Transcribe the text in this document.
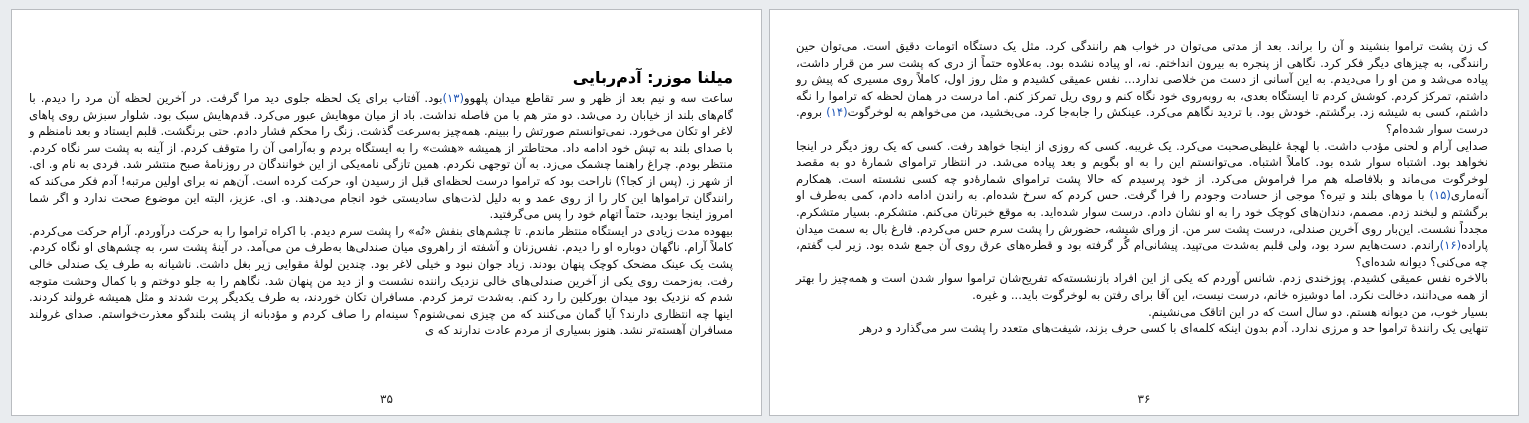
میلنا موزر: آدم‌ربایی

ساعت سه و نیم بعد از ظهر و سر تقاطع میدان پلهوو(۱۳)بود. آفتاب برای یک لحظه جلوی دید مرا گرفت. در آخرین لحظه آن مرد را دیدم. با گام‌های بلند از خیابان رد می‌شد. دو متر هم با من فاصله نداشت. باد از میان موهایش عبور می‌کرد. قدم‌هایش سبک بود. شلوار سبزش روی پاهای لاغر او تکان می‌خورد. نمی‌توانستم صورتش را ببینم. همه‌چیز به‌سرعت گذشت. زنگ را محکم فشار دادم. حتی برنگشت. قلبم ایستاد و بعد نامنظم و با صدای بلند به تپش خود ادامه داد. محتاطتر از همیشه «هشت» را به ایستگاه بردم و به‌آرامی آن را متوقف کردم. از آینه به پشت سر نگاه کردم. منتظر بودم. چراغ راهنما چشمک می‌زد. به آن توجهی نکردم. همین تازگی نامه‌یکی از این خوانندگان در روزنامهٔ صبح منتشر شد. فردی به نام و. ای. از شهر ز. (پس از کجا؟) ناراحت بود که تراموا درست لحظه‌ای قبل از رسیدن او، حرکت کرده است. آن‌هم نه برای اولین مرتبه! آدم فکر می‌کند که رانندگان تراموا‌ها این کار را از روی عمد و به دلیل لذت‌های سادیستی خود انجام می‌دهند. و. ای. عزیز، البته این موضوع صحت ندارد و اگر شما امروز اینجا بودید، حتماً اتهام خود را پس می‌گرفتید.

بیهوده مدت زیادی در ایستگاه منتظر ماندم. تا چشم‌های بنفش «نُه» را پشت سرم دیدم. با اکراه تراموا را به حرکت درآوردم. آرام حرکت می‌کردم. کاملاً آرام. ناگهان دوباره او را دیدم. نفس‌زنان و آشفته از راهروی میان صندلی‌ها به‌طرف من می‌آمد. در آینهٔ پشت سر، به چشم‌های او نگاه کردم. پشت یک عینک مضحک کوچک پنهان بودند. زیاد جوان نبود و خیلی لاغر بود. چندین لولهٔ مقوایی زیر بغل داشت. ناشیانه به طرف یک صندلی خالی رفت. به‌زحمت روی یکی از آخرین صندلی‌های خالی نزدیک راننده نشست و از دید من پنهان شد. نگاهم را به جلو دوختم و با کمال وحشت متوجه شدم که نزدیک بود میدان بورکلین را رد کنم. به‌شدت ترمز کردم. مسافران تکان خوردند، به طرف یکدیگر پرت شدند و مثل همیشه غرولند کردند. اینها چه انتظاری دارند؟ آیا گمان می‌کنند که من چیزی نمی‌شنوم؟ سینه‌ام را صاف کردم و مؤدبانه از پشت بلندگو معذرت‌خواستم. صدای غرولند مسافران آهسته‌تر نشد. هنوز بسیاری از مردم عادت ندارند که ی

۳۵

ک زن پشت تراموا بنشیند و آن را براند. بعد از مدتی می‌توان در خواب هم رانندگی کرد. مثل یک دستگاه اتومات دقیق است. می‌توان حین رانندگی، به چیزهای دیگر فکر کرد. نگاهی از پنجره به بیرون انداختم. نه، او پیاده نشده بود. به‌علاوه حتماً از دری که پشت سر من قرار داشت، پیاده می‌شد و من او را می‌دیدم. به این آسانی از دست من خلاصی ندارد... نفس عمیقی کشیدم و مثل روز اول، کاملاً روی مسیری که پیش رو داشتم، تمرکز کردم. کوشش کردم تا ایستگاه بعدی، به روبه‌روی خود نگاه کنم و روی ریل تمرکز کنم. اما درست در همان لحظه که تراموا را نگه داشتم، کسی به شیشه زد. برگشتم. خودش بود. با تردید نگاهم می‌کرد. عینکش را جابه‌جا کرد. می‌بخشید، من می‌خواهم به لوخرگوت(۱۴) بروم. درست سوار شده‌ام؟

صدایی آرام و لحنی مؤدب داشت. با لهجهٔ غلیظی‌صحبت می‌کرد. یک غریبه. کسی که روزی از اینجا خواهد رفت. کسی که یک روز دیگر در اینجا نخواهد بود. اشتباه سوار شده بود. کاملاً اشتباه. می‌توانستم این را به او بگویم و بعد پیاده می‌شد. در انتظار تراموای شمارهٔ دو به مقصد لوخرگوت می‌ماند و بلافاصله هم مرا فراموش می‌کرد. از خود پرسیدم که حالا پشت تراموای شماره‌ٔدو چه کسی نشسته است. همکارم آنه‌ماری(۱۵) با موهای بلند و تیره؟ موجی از حسادت وجودم را فرا گرفت. حس کردم که سرخ شده‌ام. به راندن ادامه دادم، کمی به‌طرف او برگشتم و لبخند زدم. مصمم، دندان‌های کوچک خود را به او نشان دادم. درست سوار شده‌اید. به موقع خبرتان می‌کنم. متشکرم. بسیار متشکرم. مجدداً نشست. این‌بار روی آخرین صندلی، درست پشت سر من. از ورای شیشه، حضورش را پشت سرم حس می‌کردم. فارغ بال به سمت میدان پاراده(۱۶)راندم. دست‌هایم سرد بود، ولی قلبم به‌شدت می‌تپید. پیشانی‌ام گُر گرفته بود و قطره‌های عرق روی آن جمع شده بود. زیر لب گفتم، چه می‌کنی؟ دیوانه شده‌ای؟

بالاخره نفس عمیقی کشیدم. پوزخندی زدم. شانس آوردم که یکی از این افراد بازنشسته‌که تفریح‌شان تراموا سوار شدن است و همه‌چیز را بهتر از همه می‌دانند، دخالت نکرد. اما دوشیزه خانم، درست نیست، این آقا برای رفتن به لوخرگوت باید... و غیره.

بسیار خوب، من دیوانه هستم. دو سال است که در این اتاقک می‌نشینم.

تنهایی یک رانندهٔ تراموا حد و مرزی ندارد. آدم بدون اینکه کلمه‌ای با کسی حرف بزند، شیفت‌های متعدد را پشت سر می‌گذارد و درهر

۳۶
